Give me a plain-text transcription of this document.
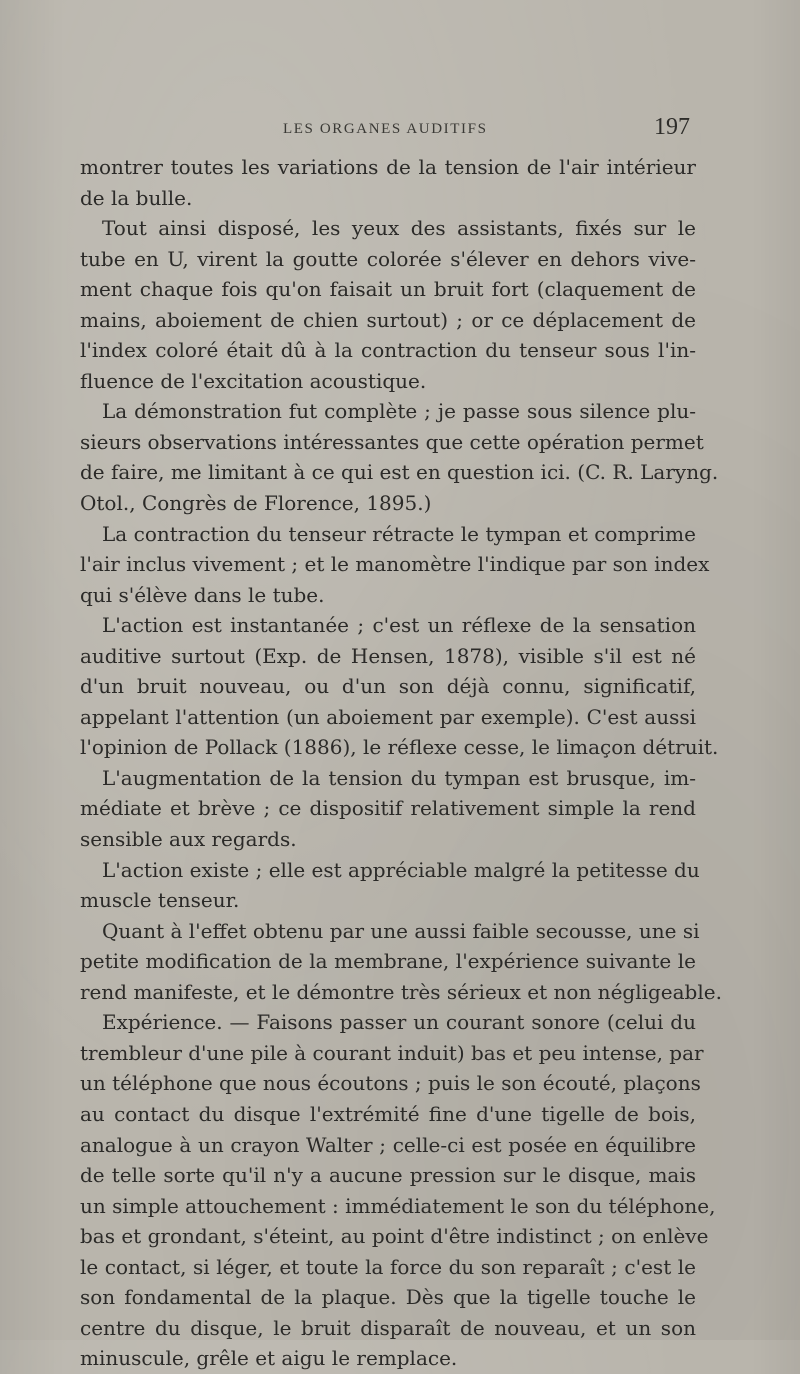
LES ORGANES AUDITIFS	197
montrer toutes les variations de la tension de l'air intérieur
de la bulle.
Tout ainsi disposé, les yeux des assistants, fixés sur le
tube en U, virent la goutte colorée s'élever en dehors vive-
ment chaque fois qu'on faisait un bruit fort (claquement de
mains, aboiement de chien surtout) ; or ce déplacement de
l'index coloré était dû à la contraction du tenseur sous l'in-
fluence de l'excitation acoustique.
La démonstration fut complète ; je passe sous silence plu-
sieurs observations intéressantes que cette opération permet
de faire, me limitant à ce qui est en question ici. (C. R. Laryng.
Otol., Congrès de Florence, 1895.)
La contraction du tenseur rétracte le tympan et comprime
l'air inclus vivement ; et le manomètre l'indique par son index
qui s'élève dans le tube.
L'action est instantanée ; c'est un réflexe de la sensation
auditive surtout (Exp. de Hensen, 1878), visible s'il est né
d'un bruit nouveau, ou d'un son déjà connu, significatif,
appelant l'attention (un aboiement par exemple). C'est aussi
l'opinion de Pollack (1886), le réflexe cesse, le limaçon détruit.
L'augmentation de la tension du tympan est brusque, im-
médiate et brève ; ce dispositif relativement simple la rend
sensible aux regards.
L'action existe ; elle est appréciable malgré la petitesse du
muscle tenseur.
Quant à l'effet obtenu par une aussi faible secousse, une si
petite modification de la membrane, l'expérience suivante le
rend manifeste, et le démontre très sérieux et non négligeable.
Expérience. — Faisons passer un courant sonore (celui du
trembleur d'une pile à courant induit) bas et peu intense, par
un téléphone que nous écoutons ; puis le son écouté, plaçons
au contact du disque l'extrémité fine d'une tigelle de bois,
analogue à un crayon Walter ; celle-ci est posée en équilibre
de telle sorte qu'il n'y a aucune pression sur le disque, mais
un simple attouchement : immédiatement le son du téléphone,
bas et grondant, s'éteint, au point d'être indistinct ; on enlève
le contact, si léger, et toute la force du son reparaît ; c'est le
son fondamental de la plaque. Dès que la tigelle touche le
centre du disque, le bruit disparaît de nouveau, et un son
minuscule, grêle et aigu le remplace.
